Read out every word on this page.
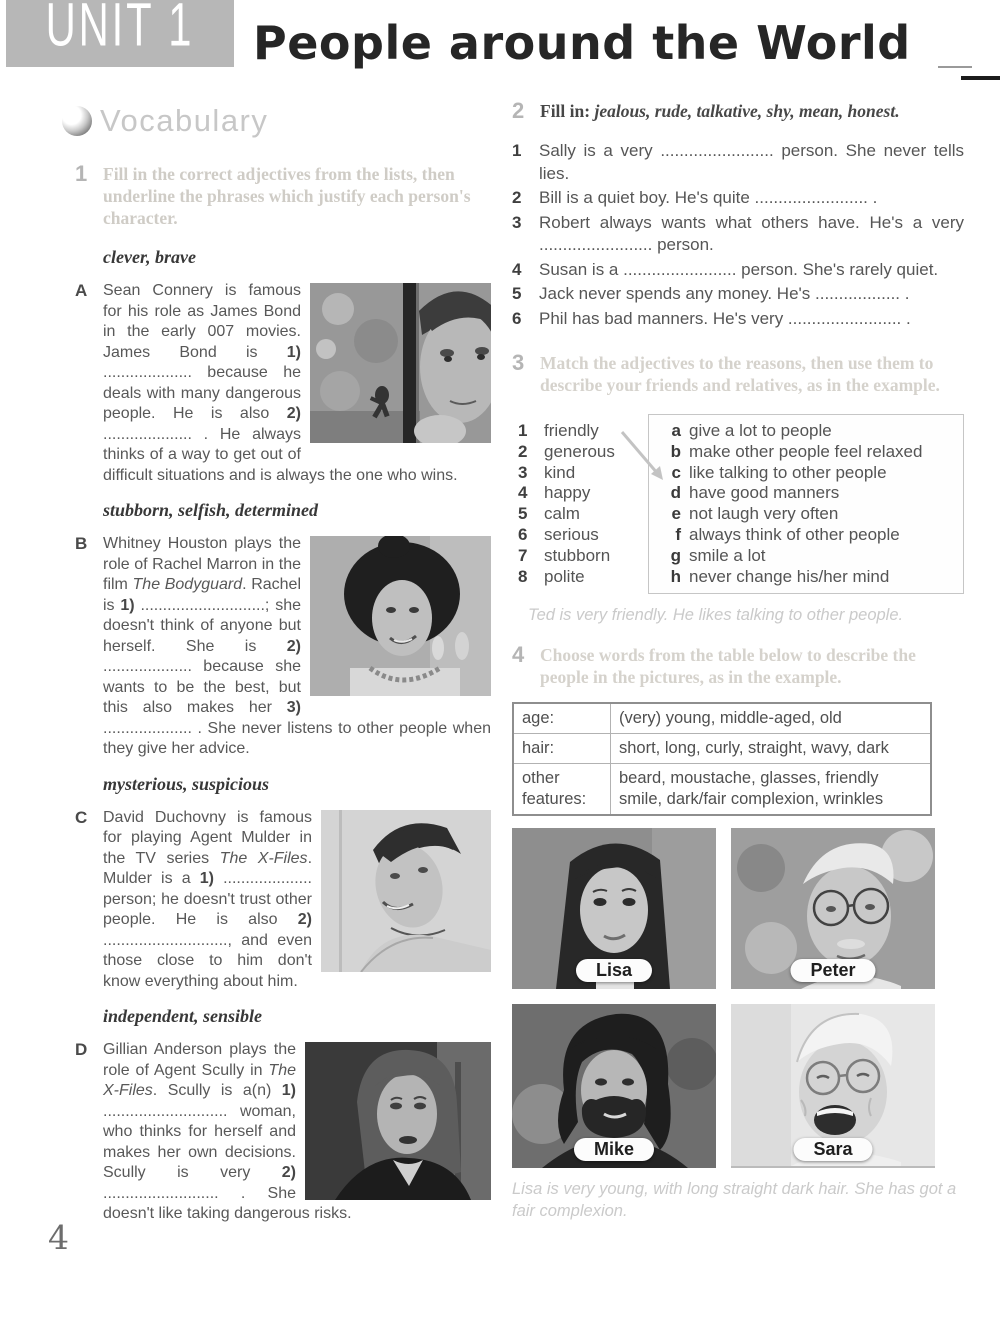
UNIT 1 People around the World
Vocabulary
1 Fill in the correct adjectives from the lists, then underline the phrases which justify each person's character.
clever, brave
A Sean Connery is famous for his role as James Bond in the early 007 movies. James Bond is 1) .................... because he deals with many dangerous people. He is also 2) .................... . He always thinks of a way to get out of difficult situations and is always the one who wins.
stubborn, selfish, determined
B Whitney Houston plays the role of Rachel Marron in the film The Bodyguard. Rachel is 1) ............................; she doesn't think of anyone but herself. She is 2) .................... because she wants to be the best, but this also makes her 3) .................... . She never listens to other people when they give her advice.
mysterious, suspicious
C David Duchovny is famous for playing Agent Mulder in the TV series The X-Files. Mulder is a 1) .................... person; he doesn't trust other people. He is also 2) ............................, and even those close to him don't know everything about him.
independent, sensible
D Gillian Anderson plays the role of Agent Scully in The X-Files. Scully is a(n) 1) ............................ woman, who thinks for herself and makes her own decisions. Scully is very 2) .......................... . She doesn't like taking dangerous risks.
2 Fill in: jealous, rude, talkative, shy, mean, honest.
1	Sally is a very ........................ person. She never tells lies.
2	Bill is a quiet boy. He's quite ........................ .
3	Robert always wants what others have. He's a very ........................ person.
4	Susan is a ........................ person. She's rarely quiet.
5	Jack never spends any money. He's .................. .
6	Phil has bad manners. He's very ........................ .
3 Match the adjectives to the reasons, then use them to describe your friends and relatives, as in the example.
1 friendly
2 generous
3 kind
4 happy
5 calm
6 serious
7 stubborn
8 polite
a give a lot to people
b make other people feel relaxed
c like talking to other people
d have good manners
e not laugh very often
f always think of other people
g smile a lot
h never change his/her mind
Ted is very friendly. He likes talking to other people.
4 Choose words from the table below to describe the people in the pictures, as in the example.
age:	(very) young, middle-aged, old
hair:	short, long, curly, straight, wavy, dark
other features:	beard, moustache, glasses, friendly smile, dark/fair complexion, wrinkles
Lisa	Peter
Mike	Sara
Lisa is very young, with long straight dark hair. She has got a fair complexion.
4
